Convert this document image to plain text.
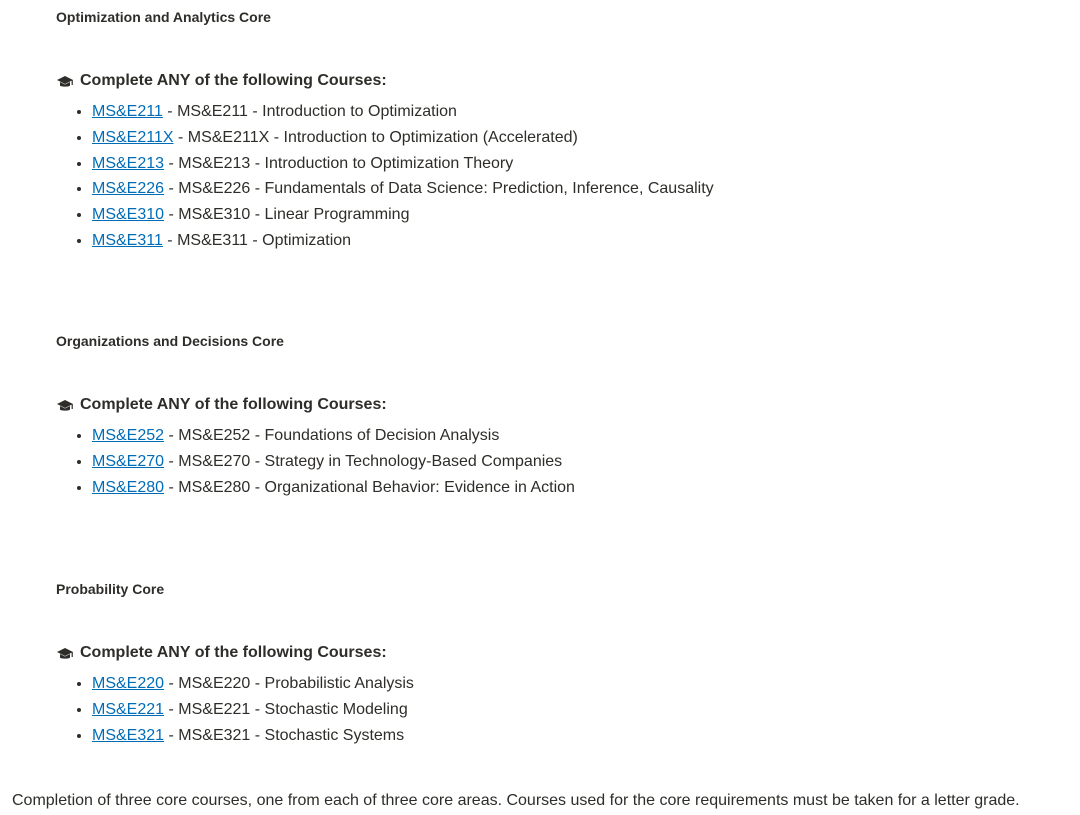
Optimization and Analytics Core
Complete ANY of the following Courses:
• MS&E211 - MS&E211 - Introduction to Optimization
• MS&E211X - MS&E211X - Introduction to Optimization (Accelerated)
• MS&E213 - MS&E213 - Introduction to Optimization Theory
• MS&E226 - MS&E226 - Fundamentals of Data Science: Prediction, Inference, Causality
• MS&E310 - MS&E310 - Linear Programming
• MS&E311 - MS&E311 - Optimization
Organizations and Decisions Core
Complete ANY of the following Courses:
• MS&E252 - MS&E252 - Foundations of Decision Analysis
• MS&E270 - MS&E270 - Strategy in Technology-Based Companies
• MS&E280 - MS&E280 - Organizational Behavior: Evidence in Action
Probability Core
Complete ANY of the following Courses:
• MS&E220 - MS&E220 - Probabilistic Analysis
• MS&E221 - MS&E221 - Stochastic Modeling
• MS&E321 - MS&E321 - Stochastic Systems
Completion of three core courses, one from each of three core areas. Courses used for the core requirements must be taken for a letter grade.
